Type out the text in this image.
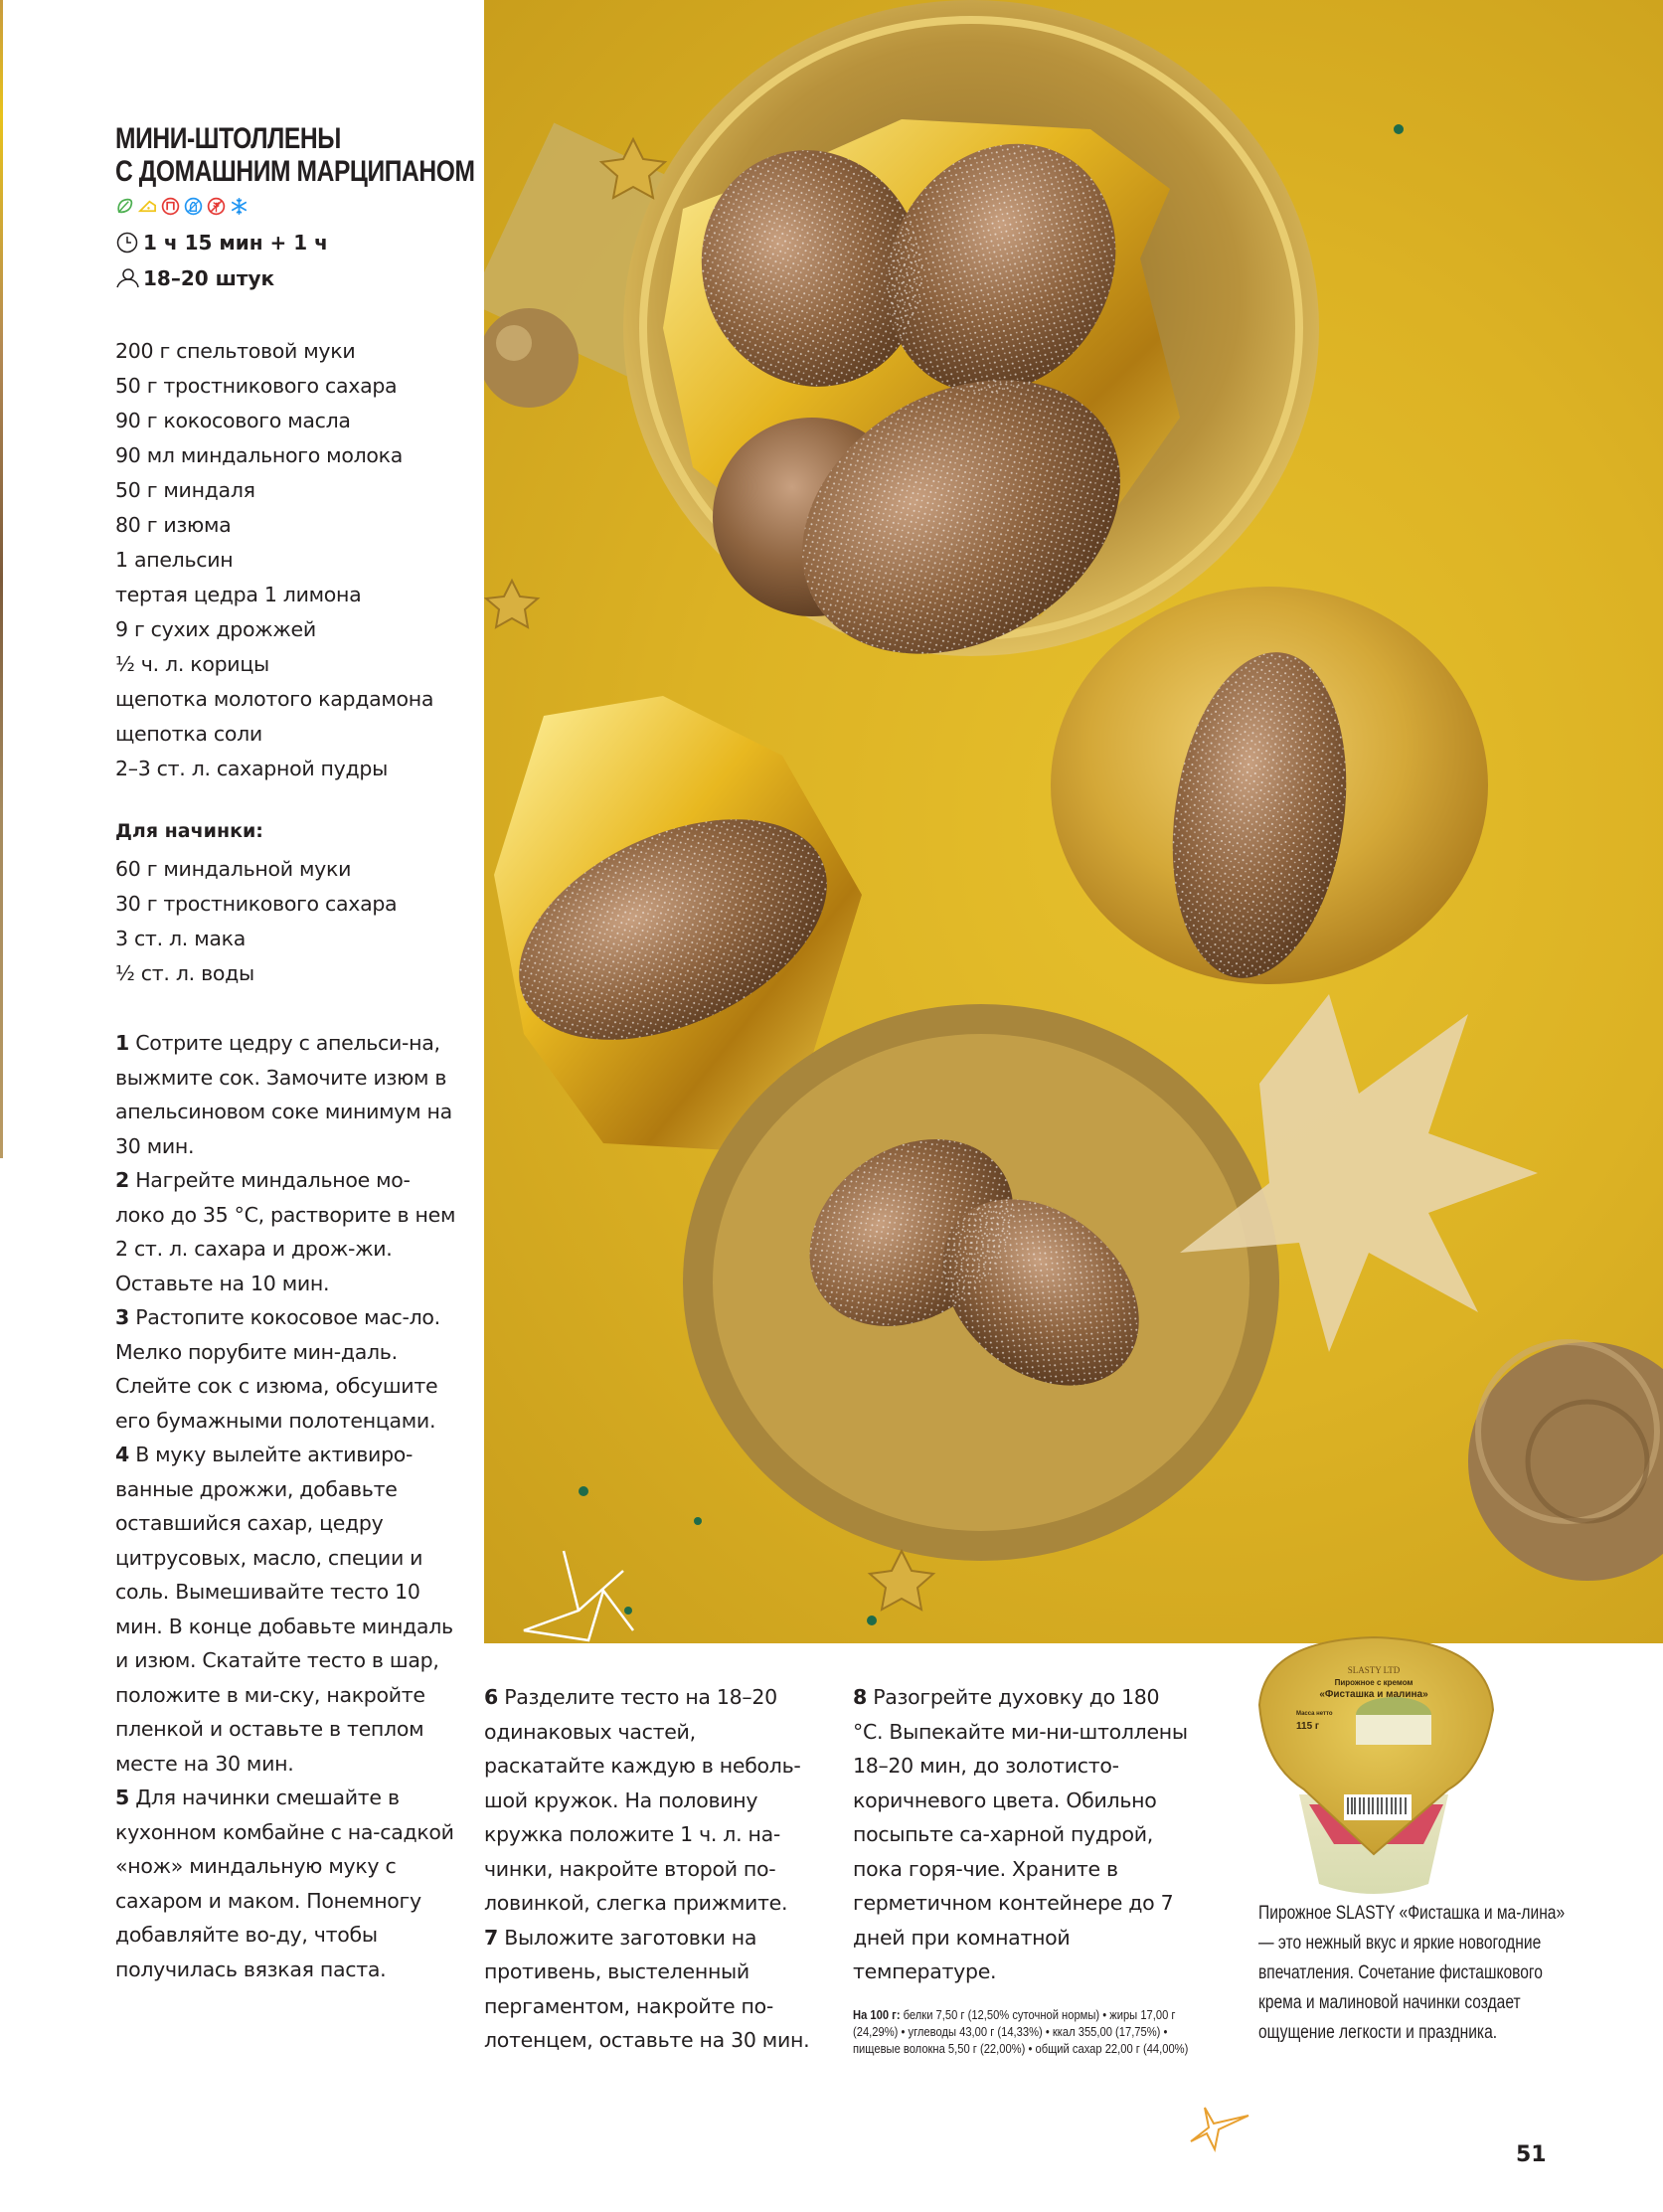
МИНИ-ШТОЛЛЕНЫ
С ДОМАШНИМ МАРЦИПАНОМ
1 ч 15 мин + 1 ч
18–20 штук
200 г спельтовой муки
50 г тростникового сахара
90 г кокосового масла
90 мл миндального молока
50 г миндаля
80 г изюма
1 апельсин
тертая цедра 1 лимона
9 г сухих дрожжей
½ ч. л. корицы
щепотка молотого кардамона
щепотка соли
2–3 ст. л. сахарной пудры
Для начинки:
60 г миндальной муки
30 г тростникового сахара
3 ст. л. мака
½ ст. л. воды

1 Сотрите цедру с апельси-на, выжмите сок. Замочите изюм в апельсиновом соке минимум на 30 мин.

2 Нагрейте миндальное мо-локо до 35 °С, растворите в нем 2 ст. л. сахара и дрож-жи. Оставьте на 10 мин.

3 Растопите кокосовое мас-ло. Мелко порубите мин-даль. Слейте сок с изюма, обсушите его бумажными полотенцами.

4 В муку вылейте активиро-ванные дрожжи, добавьте оставшийся сахар, цедру цитрусовых, масло, специи и соль. Вымешивайте тесто 10 мин. В конце добавьте миндаль и изюм. Скатайте тесто в шар, положите в ми-ску, накройте пленкой и оставьте в теплом месте на 30 мин.

5 Для начинки смешайте в кухонном комбайне с на-садкой «нож» миндальную муку с сахаром и маком. Понемногу добавляйте во-ду, чтобы получилась вязкая паста.

6 Разделите тесто на 18–20 одинаковых частей, раскатайте каждую в неболь-шой кружок. На половину кружка положите 1 ч. л. на-чинки, накройте второй по-ловинкой, слегка прижмите.

7 Выложите заготовки на противень, выстеленный пергаментом, накройте по-лотенцем, оставьте на 30 мин.

8 Разогрейте духовку до 180 °С. Выпекайте ми-ни-штоллены 18–20 мин, до золотисто-коричневого цвета. Обильно посыпьте са-харной пудрой, пока горя-чие. Храните в герметичном контейнере до 7 дней при комнатной температуре.

На 100 г: белки 7,50 г (12,50% суточной нормы) • жиры 17,00 г (24,29%) • углеводы 43,00 г (14,33%) • ккал 355,00 (17,75%) • пищевые волокна 5,50 г (22,00%) • общий сахар 22,00 г (44,00%)
SLASTY LTD
Пирожное с кремом
«Фисташка и малина»
Масса нетто
115 г
Пирожное SLASTY «Фисташка и ма-лина» — это нежный вкус и яркие новогодние впечатления. Сочетание фисташкового крема и малиновой начинки создает ощущение легкости и праздника.
51
